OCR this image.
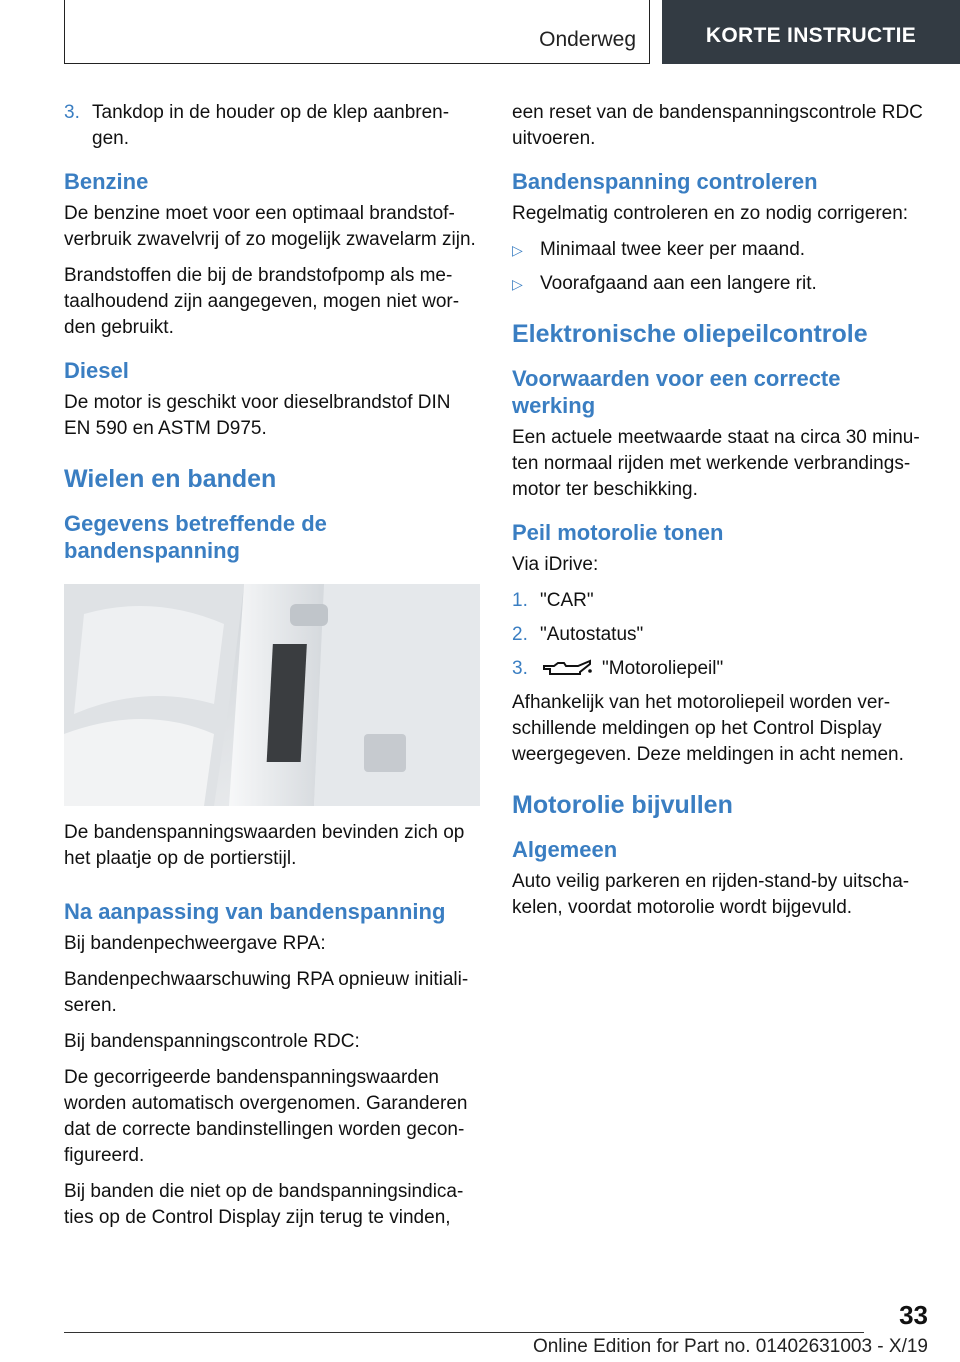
Onderweg	KORTE INSTRUCTIE
3. Tankdop in de houder op de klep aanbren-gen.
Benzine

De benzine moet voor een optimaal brandstof-verbruik zwavelvrij of zo mogelijk zwavelarm zijn.

Brandstoffen die bij de brandstofpomp als me-taalhoudend zijn aangegeven, mogen niet wor-den gebruikt.

Diesel

De motor is geschikt voor dieselbrandstof DIN EN 590 en ASTM D975.

Wielen en banden
Gegevens betreffende de bandenspanning

De bandenspanningswaarden bevinden zich op het plaatje op de portierstijl.

Na aanpassing van bandenspanning

Bij bandenpechweergave RPA:

Bandenpechwaarschuwing RPA opnieuw initiali-seren.

Bij bandenspanningscontrole RDC:

De gecorrigeerde bandenspanningswaarden worden automatisch overgenomen. Garanderen dat de correcte bandinstellingen worden gecon-figureerd.

Bij banden die niet op de bandspanningsindica-ties op de Control Display zijn terug te vinden,

een reset van de bandenspanningscontrole RDC uitvoeren.

Bandenspanning controleren

Regelmatig controleren en zo nodig corrigeren:

▷ Minimaal twee keer per maand.
▷ Voorafgaand aan een langere rit.
Elektronische oliepeilcontrole
Voorwaarden voor een correcte werking

Een actuele meetwaarde staat na circa 30 minu-ten normaal rijden met werkende verbrandings-motor ter beschikking.

Peil motorolie tonen

Via iDrive:

1. "CAR"
2. "Autostatus"
3.	"Motoroliepeil"

Afhankelijk van het motoroliepeil worden ver-schillende meldingen op het Control Display weergegeven. Deze meldingen in acht nemen.

Motorolie bijvullen
Algemeen

Auto veilig parkeren en rijden-stand-by uitscha-kelen, voordat motorolie wordt bijgevuld.

33
Online Edition for Part no. 01402631003 - X/19
